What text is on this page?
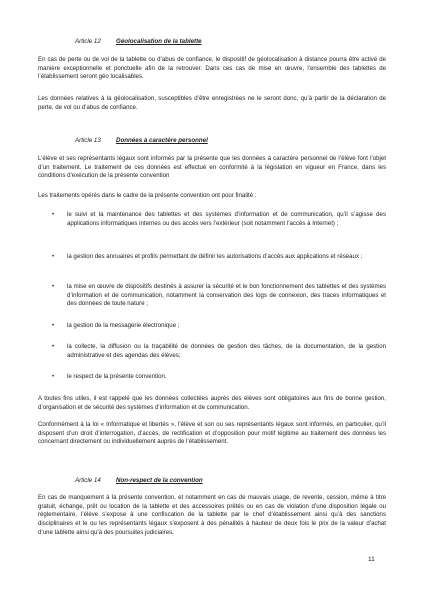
Article 12 Géolocalisation de la tablette
En cas de perte ou de vol de la tablette ou d’abus de confiance, le dispositif de géolocalisation à distance pourra être activé de manière exceptionnelle et ponctuelle afin de la retrouver. Dans ces cas de mise en œuvre, l’ensemble des tablettes de l’établissement seront géo localisables.
Les données relatives à la géolocalisation, susceptibles d’être enregistrées ne le seront donc, qu’à partir de la déclaration de perte, de vol ou d’abus de confiance.
Article 13 Données à caractère personnel
L’élève et ses représentants légaux sont informés par la présente que les données à caractère personnel de l’élève font l’objet d’un traitement. Le traitement de ces données est effectué en conformité à la législation en vigueur en France, dans les conditions d’exécution de la présente convention
Les traitements opérés dans le cadre de la présente convention ont pour finalité :
• le suivi et la maintenance des tablettes et des systèmes d’information et de communication, qu’il s’agisse des applications informatiques internes ou des accès vers l’extérieur (soit notamment l’accès à Internet) ;
• la gestion des annuaires et profils permettant de définir les autorisations d’accès aux applications et réseaux ;
• la mise en œuvre de dispositifs destinés à assurer la sécurité et le bon fonctionnement des tablettes et des systèmes d’information et de communication, notamment la conservation des logs de connexion, des traces informatiques et des données de toute nature ;
• la gestion de la messagerie électronique ;
• la collecte, la diffusion ou la traçabilité de données de gestion des tâches, de la documentation, de la gestion administrative et des agendas des élèves;
• le respect de la présente convention.
A toutes fins utiles, il est rappelé que les données collectées auprès des élèves sont obligatoires aux fins de bonne gestion, d’organisation et de sécurité des systèmes d’information et de communication.
Conformément à la loi « Informatique et libertés », l’élève et son ou ses représentants légaux sont informés, en particulier, qu’il disposent d’un droit d’interrogation, d’accès, de rectification et d’opposition pour motif légitime au traitement des données les concernant directement ou individuellement auprès de l’établissement.
Article 14 Non-respect de la convention
En cas de manquement à la présente convention, et notamment en cas de mauvais usage, de revente, cession, même à titre gratuit, échange, prêt ou location de la tablette et des accessoires prêtés ou en cas de violation d’une disposition légale ou réglementaire, l’élève s’expose à une confiscation de la tablette par le chef d’établissement ainsi qu’à des sanctions disciplinaires et le ou les représentants légaux s’exposent à des pénalités à hauteur de deux fois le prix de la valeur d’achat d’une tablette ainsi qu’à des poursuites judiciaires.
11
